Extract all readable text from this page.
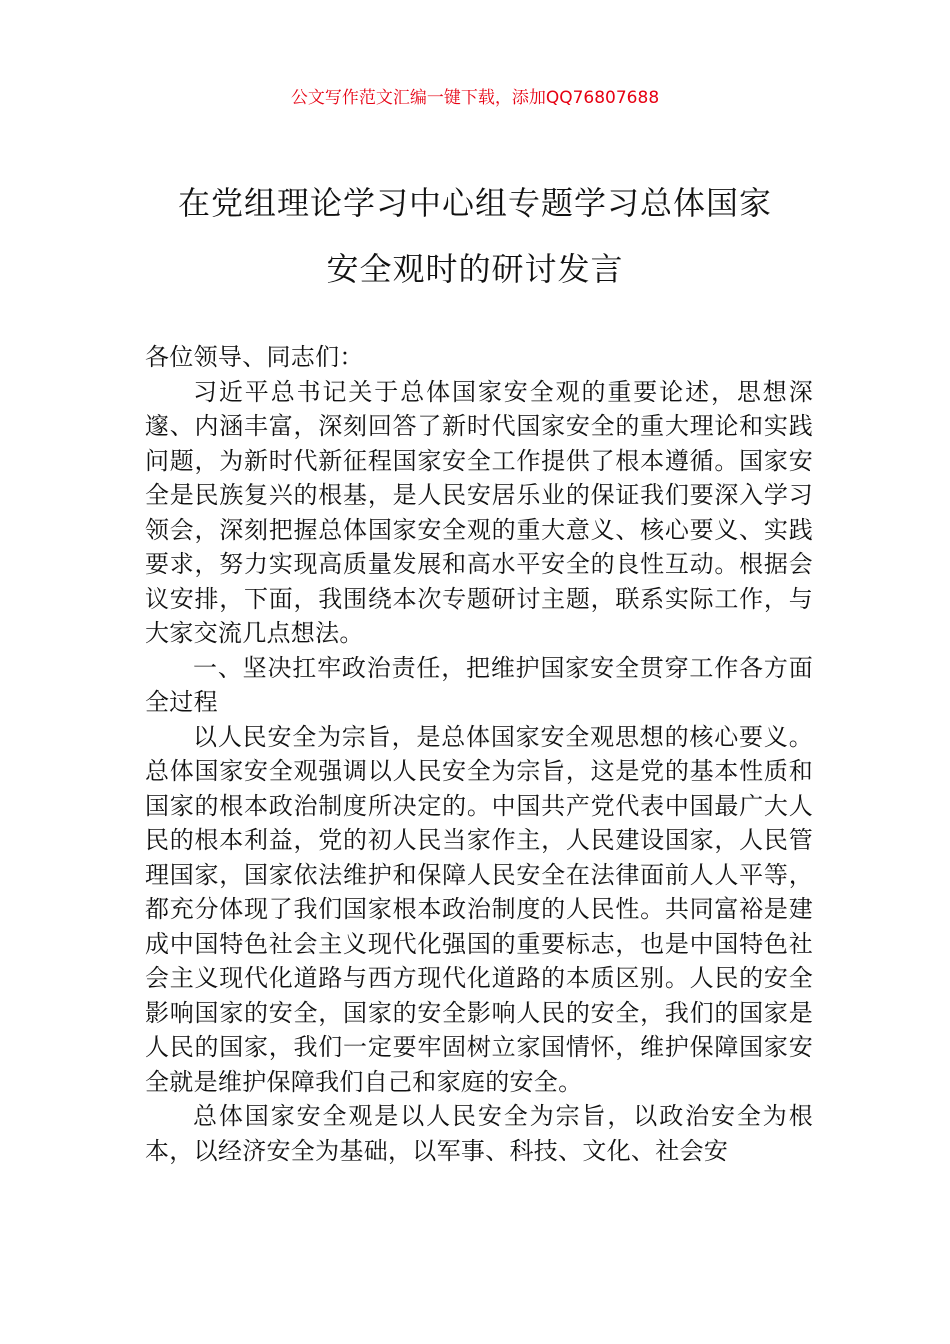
公文写作范文汇编一键下载，添加QQ76807688
在党组理论学习中心组专题学习总体国家
安全观时的研讨发言

各位领导、同志们：

习近平总书记关于总体国家安全观的重要论述，思想深邃、内涵丰富，深刻回答了新时代国家安全的重大理论和实践问题，为新时代新征程国家安全工作提供了根本遵循。国家安全是民族复兴的根基，是人民安居乐业的保证我们要深入学习领会，深刻把握总体国家安全观的重大意义、核心要义、实践要求，努力实现高质量发展和高水平安全的良性互动。根据会议安排，下面，我围绕本次专题研讨主题，联系实际工作，与大家交流几点想法。

一、坚决扛牢政治责任，把维护国家安全贯穿工作各方面全过程

以人民安全为宗旨，是总体国家安全观思想的核心要义。总体国家安全观强调以人民安全为宗旨，这是党的基本性质和国家的根本政治制度所决定的。中国共产党代表中国最广大人民的根本利益，党的初人民当家作主，人民建设国家，人民管理国家，国家依法维护和保障人民安全在法律面前人人平等，都充分体现了我们国家根本政治制度的人民性。共同富裕是建成中国特色社会主义现代化强国的重要标志，也是中国特色社会主义现代化道路与西方现代化道路的本质区别。人民的安全影响国家的安全，国家的安全影响人民的安全，我们的国家是人民的国家，我们一定要牢固树立家国情怀，维护保障国家安全就是维护保障我们自己和家庭的安全。

总体国家安全观是以人民安全为宗旨，以政治安全为根本，以经济安全为基础，以军事、科技、文化、社会安
